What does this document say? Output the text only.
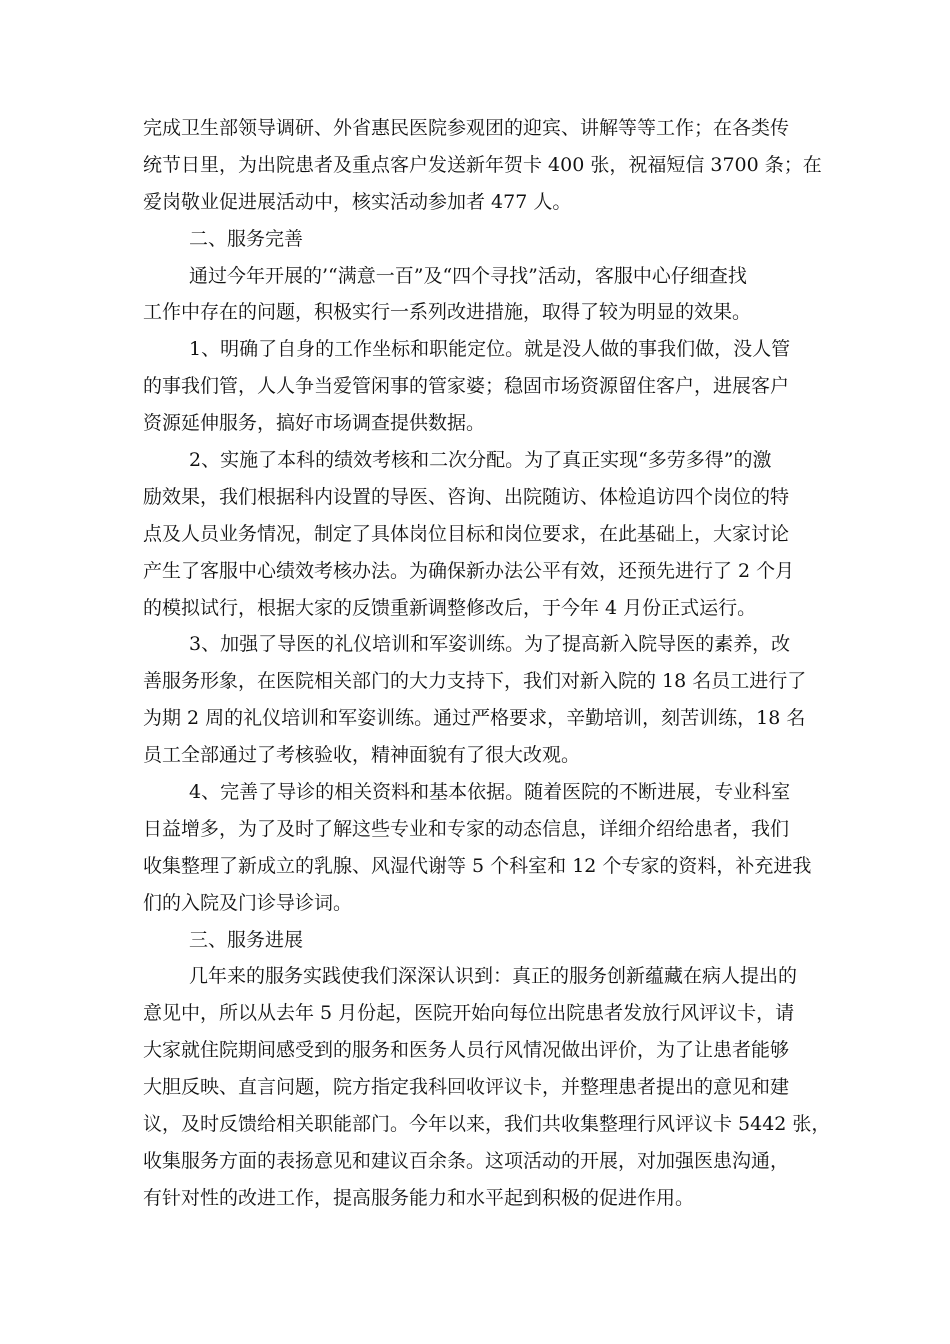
完成卫生部领导调研、外省惠民医院参观团的迎宾、讲解等等工作；在各类传
统节日里，为出院患者及重点客户发送新年贺卡 400 张，祝福短信 3700 条；在
爱岗敬业促进展活动中，核实活动参加者 477 人。
二、服务完善
通过今年开展的’“满意一百”及“四个寻找”活动，客服中心仔细查找
工作中存在的问题，积极实行一系列改进措施，取得了较为明显的效果。
1、明确了自身的工作坐标和职能定位。就是没人做的事我们做，没人管
的事我们管，人人争当爱管闲事的管家婆；稳固市场资源留住客户，进展客户
资源延伸服务，搞好市场调查提供数据。
2、实施了本科的绩效考核和二次分配。为了真正实现“多劳多得”的激
励效果，我们根据科内设置的导医、咨询、出院随访、体检追访四个岗位的特
点及人员业务情况，制定了具体岗位目标和岗位要求，在此基础上，大家讨论
产生了客服中心绩效考核办法。为确保新办法公平有效，还预先进行了 2 个月
的模拟试行，根据大家的反馈重新调整修改后，于今年 4 月份正式运行。
3、加强了导医的礼仪培训和军姿训练。为了提高新入院导医的素养，改
善服务形象，在医院相关部门的大力支持下，我们对新入院的 18 名员工进行了
为期 2 周的礼仪培训和军姿训练。通过严格要求，辛勤培训，刻苦训练，18 名
员工全部通过了考核验收，精神面貌有了很大改观。
4、完善了导诊的相关资料和基本依据。随着医院的不断进展，专业科室
日益增多，为了及时了解这些专业和专家的动态信息，详细介绍给患者，我们
收集整理了新成立的乳腺、风湿代谢等 5 个科室和 12 个专家的资料，补充进我
们的入院及门诊导诊词。
三、服务进展
几年来的服务实践使我们深深认识到：真正的服务创新蕴藏在病人提出的
意见中，所以从去年 5 月份起，医院开始向每位出院患者发放行风评议卡，请
大家就住院期间感受到的服务和医务人员行风情况做出评价，为了让患者能够
大胆反映、直言问题，院方指定我科回收评议卡，并整理患者提出的意见和建
议，及时反馈给相关职能部门。今年以来，我们共收集整理行风评议卡 5442 张，
收集服务方面的表扬意见和建议百余条。这项活动的开展，对加强医患沟通，
有针对性的改进工作，提高服务能力和水平起到积极的促进作用。
